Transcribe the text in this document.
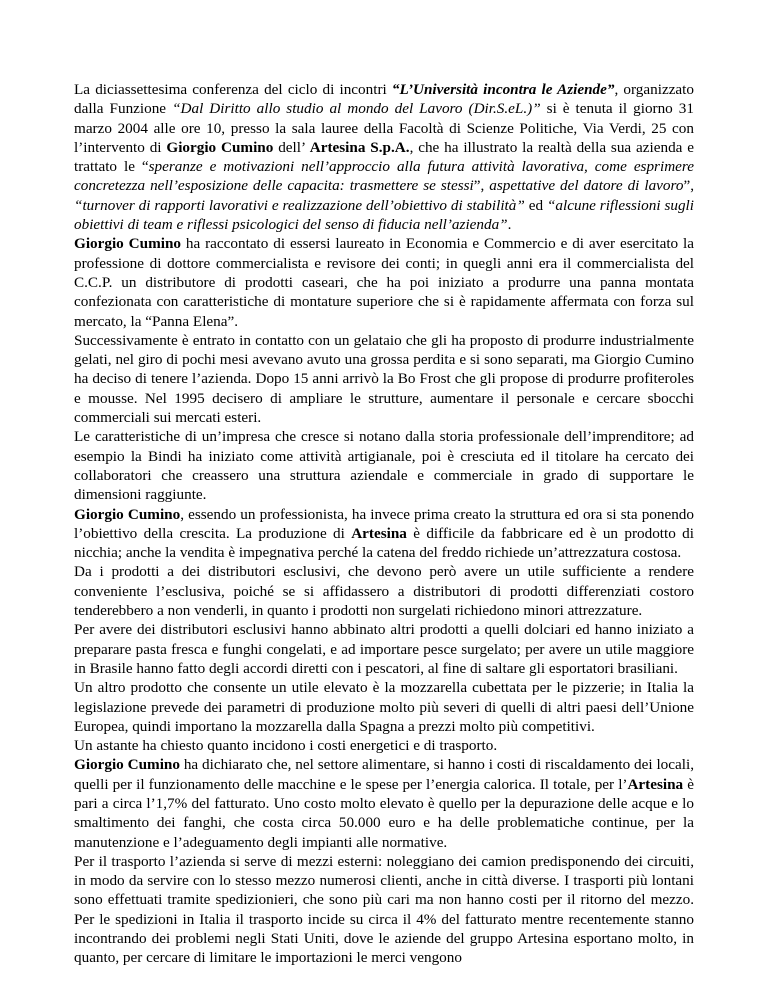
La diciassettesima conferenza del ciclo di incontri “L’Università incontra le Aziende”, organizzato dalla Funzione “Dal Diritto allo studio al mondo del Lavoro (Dir.S.eL.)” si è tenuta il giorno 31 marzo 2004 alle ore 10, presso la sala lauree della Facoltà di Scienze Politiche, Via Verdi, 25 con l’intervento di Giorgio Cumino dell’ Artesina S.p.A., che ha illustrato la realtà della sua azienda e trattato le “speranze e motivazioni nell’approccio alla futura attività lavorativa, come esprimere concretezza nell’esposizione delle capacita: trasmettere se stessi”, aspettative del datore di lavoro”, “turnover di rapporti lavorativi e realizzazione dell’obiettivo di stabilità” ed “alcune riflessioni sugli obiettivi di team e riflessi psicologici del senso di fiducia nell’azienda”.

Giorgio Cumino ha raccontato di essersi laureato in Economia e Commercio e di aver esercitato la professione di dottore commercialista e revisore dei conti; in quegli anni era il commercialista del C.C.P. un distributore di prodotti caseari, che ha poi iniziato a produrre una panna montata confezionata con caratteristiche di montature superiore che si è rapidamente affermata con forza sul mercato, la “Panna Elena”.

Successivamente è entrato in contatto con un gelataio che gli ha proposto di produrre industrialmente gelati, nel giro di pochi mesi avevano avuto una grossa perdita e si sono separati, ma Giorgio Cumino ha deciso di tenere l’azienda. Dopo 15 anni arrivò la Bo Frost che gli propose di produrre profiteroles e mousse. Nel 1995 decisero di ampliare le strutture, aumentare il personale e cercare sbocchi commerciali sui mercati esteri.

Le caratteristiche di un’impresa che cresce si notano dalla storia professionale dell’imprenditore; ad esempio la Bindi ha iniziato come attività artigianale, poi è cresciuta ed il titolare ha cercato dei collaboratori che creassero una struttura aziendale e commerciale in grado di supportare le dimensioni raggiunte.

Giorgio Cumino, essendo un professionista, ha invece prima creato la struttura ed ora si sta ponendo l’obiettivo della crescita. La produzione di Artesina è difficile da fabbricare ed è un prodotto di nicchia; anche la vendita è impegnativa perché la catena del freddo richiede un’attrezzatura costosa.

Da i prodotti a dei distributori esclusivi, che devono però avere un utile sufficiente a rendere conveniente l’esclusiva, poiché se si affidassero a distributori di prodotti differenziati costoro tenderebbero a non venderli, in quanto i prodotti non surgelati richiedono minori attrezzature.

Per avere dei distributori esclusivi hanno abbinato altri prodotti a quelli dolciari ed hanno iniziato a preparare pasta fresca e funghi congelati, e ad importare pesce surgelato; per avere un utile maggiore in Brasile hanno fatto degli accordi diretti con i pescatori, al fine di saltare gli esportatori brasiliani.

Un altro prodotto che consente un utile elevato è la mozzarella cubettata per le pizzerie; in Italia la legislazione prevede dei parametri di produzione molto più severi di quelli di altri paesi dell’Unione Europea, quindi importano la mozzarella dalla Spagna a prezzi molto più competitivi.

Un astante ha chiesto quanto incidono i costi energetici e di trasporto.

Giorgio Cumino ha dichiarato che, nel settore alimentare, si hanno i costi di riscaldamento dei locali, quelli per il funzionamento delle macchine e le spese per l’energia calorica. Il totale, per l’Artesina è pari a circa l’1,7% del fatturato. Uno costo molto elevato è quello per la depurazione delle acque e lo smaltimento dei fanghi, che costa circa 50.000 euro e ha delle problematiche continue, per la manutenzione e l’adeguamento degli impianti alle normative.

Per il trasporto l’azienda si serve di mezzi esterni: noleggiano dei camion predisponendo dei circuiti, in modo da servire con lo stesso mezzo numerosi clienti, anche in città diverse. I trasporti più lontani sono effettuati tramite spedizionieri, che sono più cari ma non hanno costi per il ritorno del mezzo. Per le spedizioni in Italia il trasporto incide su circa il 4% del fatturato mentre recentemente stanno incontrando dei problemi negli Stati Uniti, dove le aziende del gruppo Artesina esportano molto, in quanto, per cercare di limitare le importazioni le merci vengono
